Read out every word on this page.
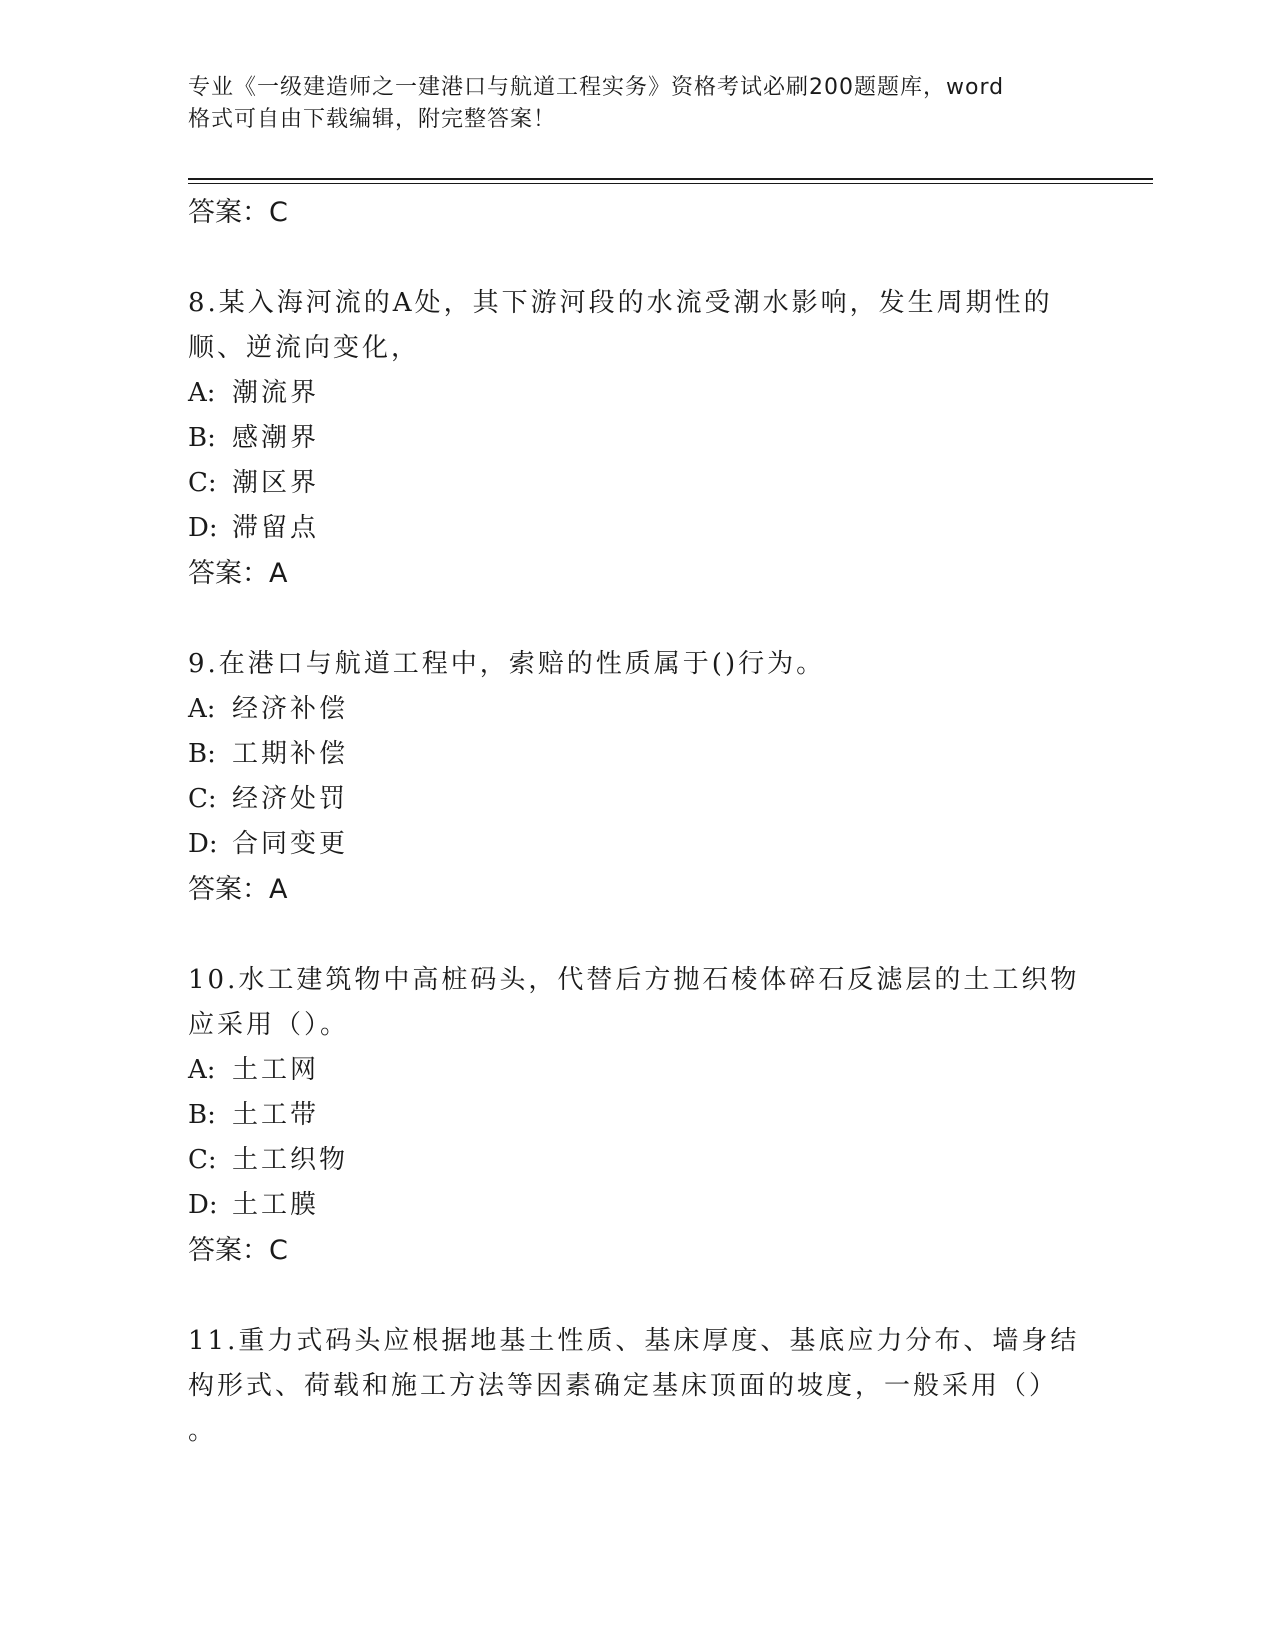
专业《一级建造师之一建港口与航道工程实务》资格考试必刷200题题库，word
格式可自由下载编辑，附完整答案！
答案：C
8.某入海河流的A处，其下游河段的水流受潮水影响，发生周期性的
顺、逆流向变化，
A: 潮流界
B: 感潮界
C: 潮区界
D: 滞留点
答案：A
9.在港口与航道工程中，索赔的性质属于()行为。
A: 经济补偿
B: 工期补偿
C: 经济处罚
D: 合同变更
答案：A
10.水工建筑物中高桩码头，代替后方抛石棱体碎石反滤层的土工织物
应采用（）。
A: 土工网
B: 土工带
C: 土工织物
D: 土工膜
答案：C
11.重力式码头应根据地基土性质、基床厚度、基底应力分布、墙身结
构形式、荷载和施工方法等因素确定基床顶面的坡度，一般采用（）
。
